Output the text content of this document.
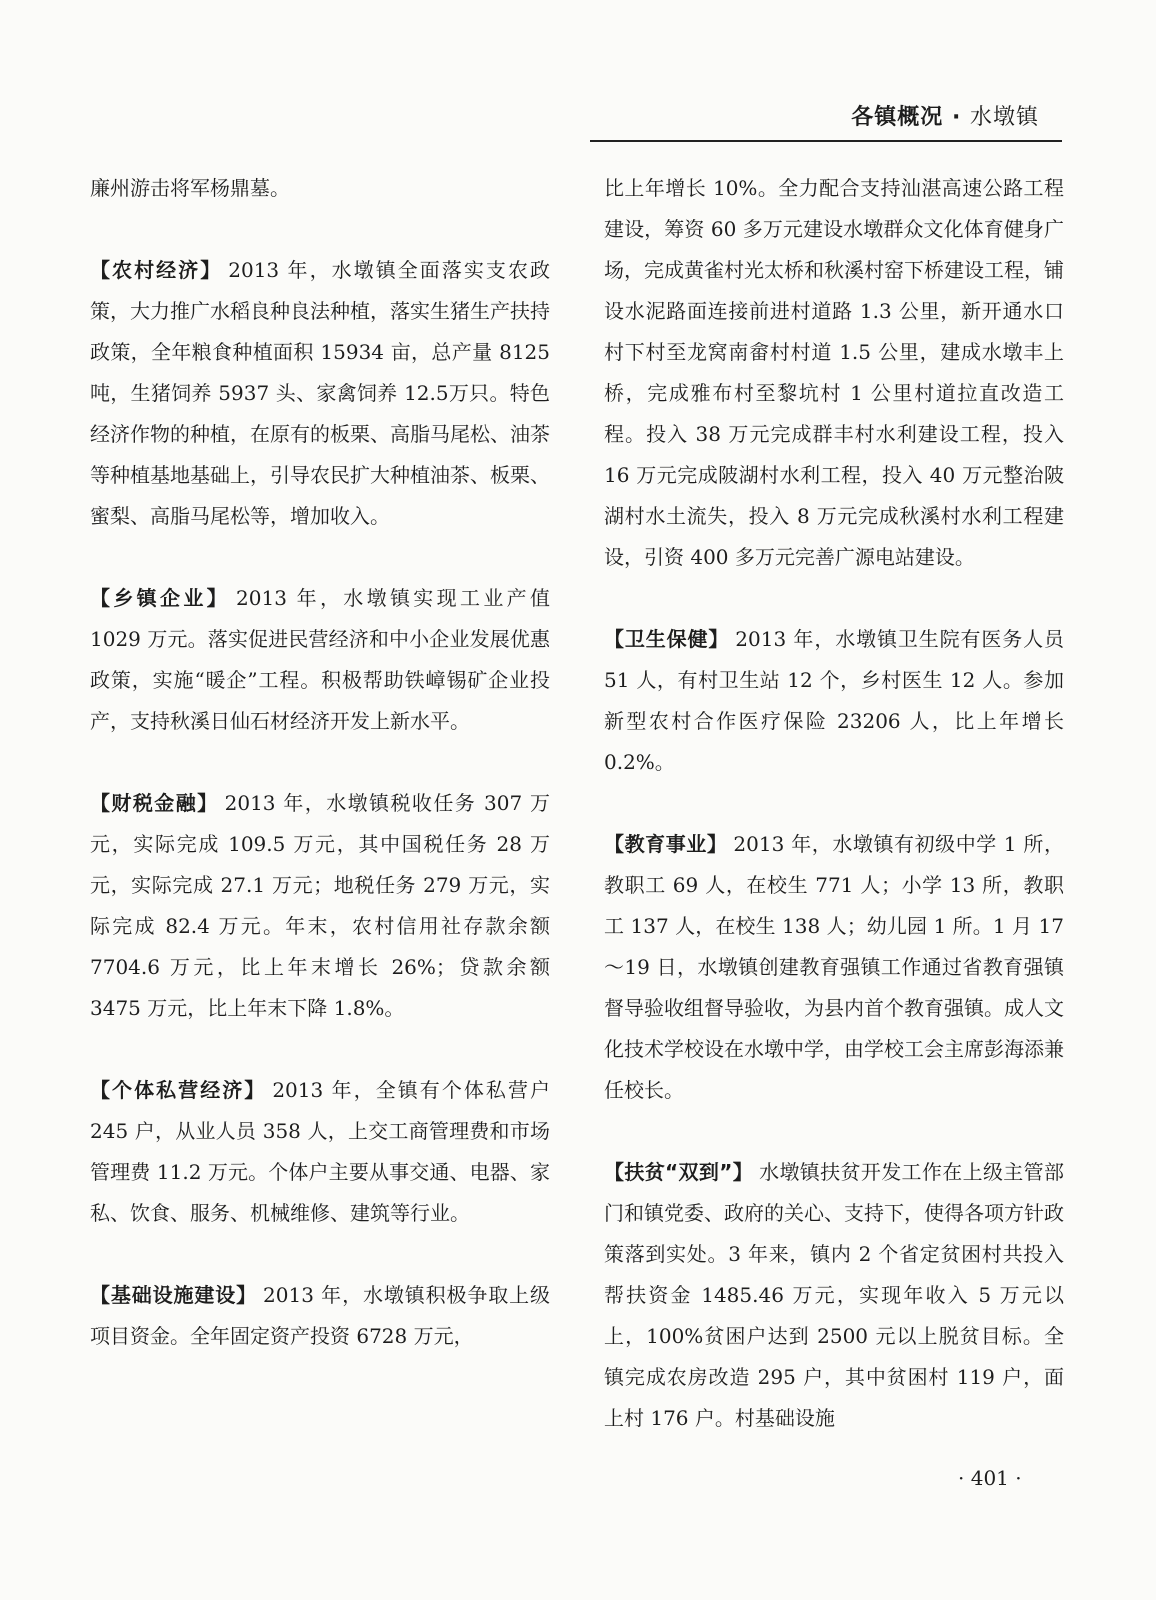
各镇概况 · 水墩镇

廉州游击将军杨鼎墓。

【农村经济】 2013 年，水墩镇全面落实支农政策，大力推广水稻良种良法种植，落实生猪生产扶持政策，全年粮食种植面积 15934 亩，总产量 8125 吨，生猪饲养 5937 头、家禽饲养 12.5万只。特色经济作物的种植，在原有的板栗、高脂马尾松、油茶等种植基地基础上，引导农民扩大种植油茶、板栗、蜜梨、高脂马尾松等，增加收入。

【乡镇企业】 2013 年，水墩镇实现工业产值 1029 万元。落实促进民营经济和中小企业发展优惠政策，实施“暖企”工程。积极帮助铁嶂锡矿企业投产，支持秋溪日仙石材经济开发上新水平。

【财税金融】 2013 年，水墩镇税收任务 307 万元，实际完成 109.5 万元，其中国税任务 28 万元，实际完成 27.1 万元；地税任务 279 万元，实际完成 82.4 万元。年末，农村信用社存款余额 7704.6 万元，比上年末增长 26%；贷款余额 3475 万元，比上年末下降 1.8%。

【个体私营经济】 2013 年，全镇有个体私营户 245 户，从业人员 358 人，上交工商管理费和市场管理费 11.2 万元。个体户主要从事交通、电器、家私、饮食、服务、机械维修、建筑等行业。

【基础设施建设】 2013 年，水墩镇积极争取上级项目资金。全年固定资产投资 6728 万元，

比上年增长 10%。全力配合支持汕湛高速公路工程建设，筹资 60 多万元建设水墩群众文化体育健身广场，完成黄雀村光太桥和秋溪村窑下桥建设工程，铺设水泥路面连接前进村道路 1.3 公里，新开通水口村下村至龙窝南畲村村道 1.5 公里，建成水墩丰上桥，完成雅布村至黎坑村 1 公里村道拉直改造工程。投入 38 万元完成群丰村水利建设工程，投入 16 万元完成陂湖村水利工程，投入 40 万元整治陂湖村水土流失，投入 8 万元完成秋溪村水利工程建设，引资 400 多万元完善广源电站建设。

【卫生保健】 2013 年，水墩镇卫生院有医务人员 51 人，有村卫生站 12 个，乡村医生 12 人。参加新型农村合作医疗保险 23206 人，比上年增长 0.2%。

【教育事业】 2013 年，水墩镇有初级中学 1 所，教职工 69 人，在校生 771 人；小学 13 所，教职工 137 人，在校生 138 人；幼儿园 1 所。1 月 17～19 日，水墩镇创建教育强镇工作通过省教育强镇督导验收组督导验收，为县内首个教育强镇。成人文化技术学校设在水墩中学，由学校工会主席彭海添兼任校长。

【扶贫“双到”】 水墩镇扶贫开发工作在上级主管部门和镇党委、政府的关心、支持下，使得各项方针政策落到实处。3 年来，镇内 2 个省定贫困村共投入帮扶资金 1485.46 万元，实现年收入 5 万元以上，100%贫困户达到 2500 元以上脱贫目标。全镇完成农房改造 295 户，其中贫困村 119 户，面上村 176 户。村基础设施

· 401 ·
